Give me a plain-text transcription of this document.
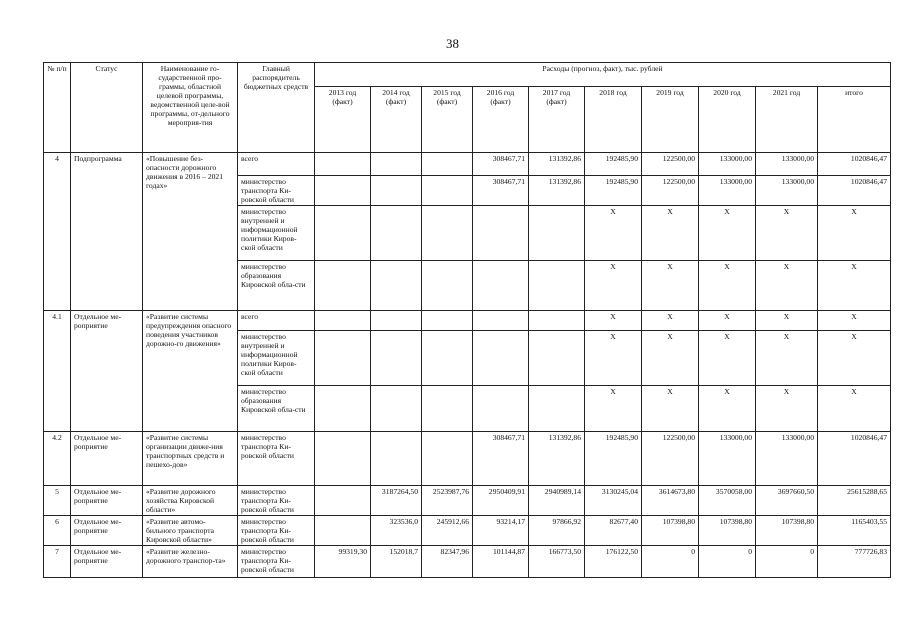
38
№ п/п	Статус	Наименование го-сударственной про-граммы, областной целевой программы, ведомственной целе-вой программы, от-дельного мероприя-тия	Главный распорядитель бюджетных средств	Расходы (прогноз, факт), тыс. рублей									
				2013 год (факт)	2014 год (факт)	2015 год (факт)	2016 год (факт)	2017 год (факт)	2018 год	2019 год	2020 год	2021 год	итого
4	Подпрограмма	«Повышение без-опасности дорожного движения в 2016 – 2021 годах»	всего				308467,71	131392,86	192485,90	122500,00	133000,00	133000,00	1020846,47
			министерство транспорта Ки-ровской области				308467,71	131392,86	192485,90	122500,00	133000,00	133000,00	1020846,47
			министерство внутренней и информационной политики Киров-ской области						X	X	X	X	X
			министерство образования Кировской обла-сти						X	X	X	X	X
4.1	Отдельное ме-роприятие	«Развитие системы предупреждения опасного поведения участников дорожно-го движения»	всего						X	X	X	X	X
			министерство внутренней и информационной политики Киров-ской области						X	X	X	X	X
			министерство образования Кировской обла-сти						X	X	X	X	X
4.2	Отдельное ме-роприятие	«Развитие системы организации движе-ния транспортных средств и пешехо-дов»	министерство транспорта Ки-ровской области				308467,71	131392,86	192485,90	122500,00	133000,00	133000,00	1020846,47
5	Отдельное ме-роприятие	«Развитие дорожного хозяйства Кировской области»	министерство транспорта Ки-ровской области		3187264,50	2523987,76	2950409,91	2940989,14	3130245,04	3614673,80	3570058,00	3697660,50	25615288,65
6	Отдельное ме-роприятие	«Развитие автомо-бильного транспорта Кировской области»	министерство транспорта Ки-ровской области		323536,0	245912,66	93214,17	97866,92	82677,40	107398,80	107398,80	107398,80	1165403,55
7	Отдельное ме-роприятие	«Развитие железно-дорожного транспор-та»	министерство транспорта Ки-ровской области	99319,30	152018,7	82347,96	101144,87	166773,50	176122,50	0	0	0	777726,83
